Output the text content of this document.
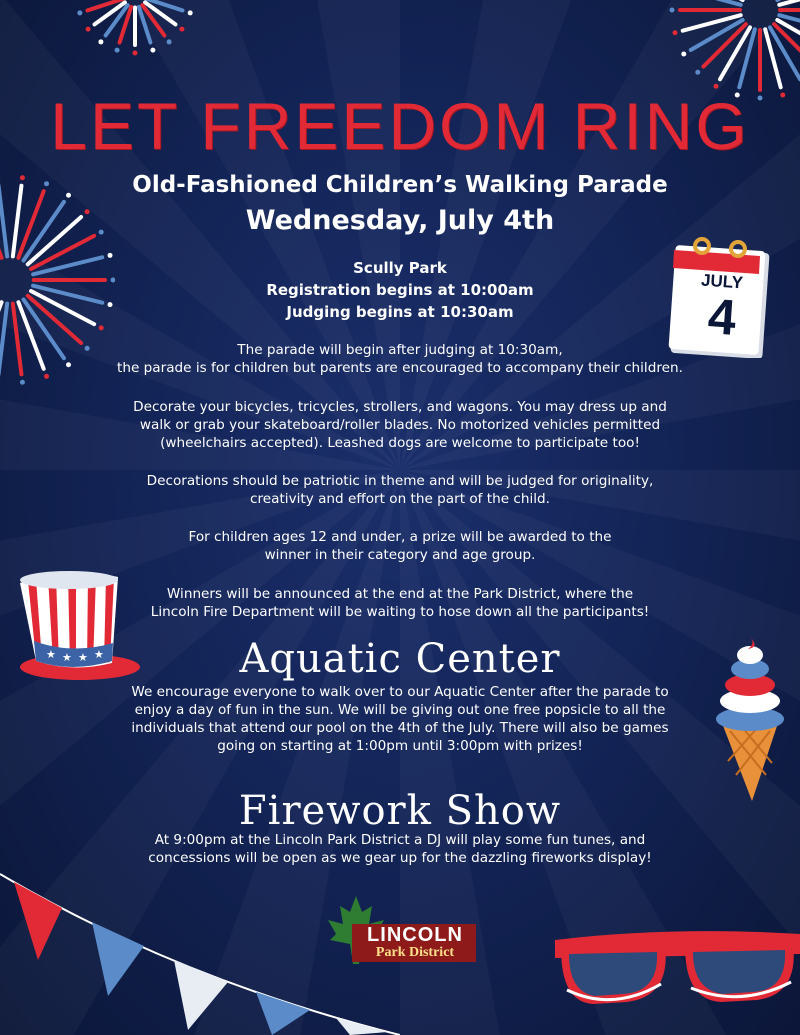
LET FREEDOM RING
Old-Fashioned Children’s Walking Parade
Wednesday, July 4th
Scully Park
Registration begins at 10:00am
Judging begins at 10:30am
JULY
4
The parade will begin after judging at 10:30am,
the parade is for children but parents are encouraged to accompany their children.
Decorate your bicycles, tricycles, strollers, and wagons. You may dress up and
walk or grab your skateboard/roller blades. No motorized vehicles permitted
(wheelchairs accepted). Leashed dogs are welcome to participate too!
Decorations should be patriotic in theme and will be judged for originality,
creativity and effort on the part of the child.
For children ages 12 and under, a prize will be awarded to the
winner in their category and age group.
Winners will be announced at the end at the Park District, where the
Lincoln Fire Department will be waiting to hose down all the participants!
★ ★ ★ ★	Aquatic Center
We encourage everyone to walk over to our Aquatic Center after the parade to
enjoy a day of fun in the sun. We will be giving out one free popsicle to all the
individuals that attend our pool on the 4th of the July. There will also be games
going on starting at 1:00pm until 3:00pm with prizes!
Firework Show
At 9:00pm at the Lincoln Park District a DJ will play some fun tunes, and
concessions will be open as we gear up for the dazzling fireworks display!
LINCOLN
Park District
